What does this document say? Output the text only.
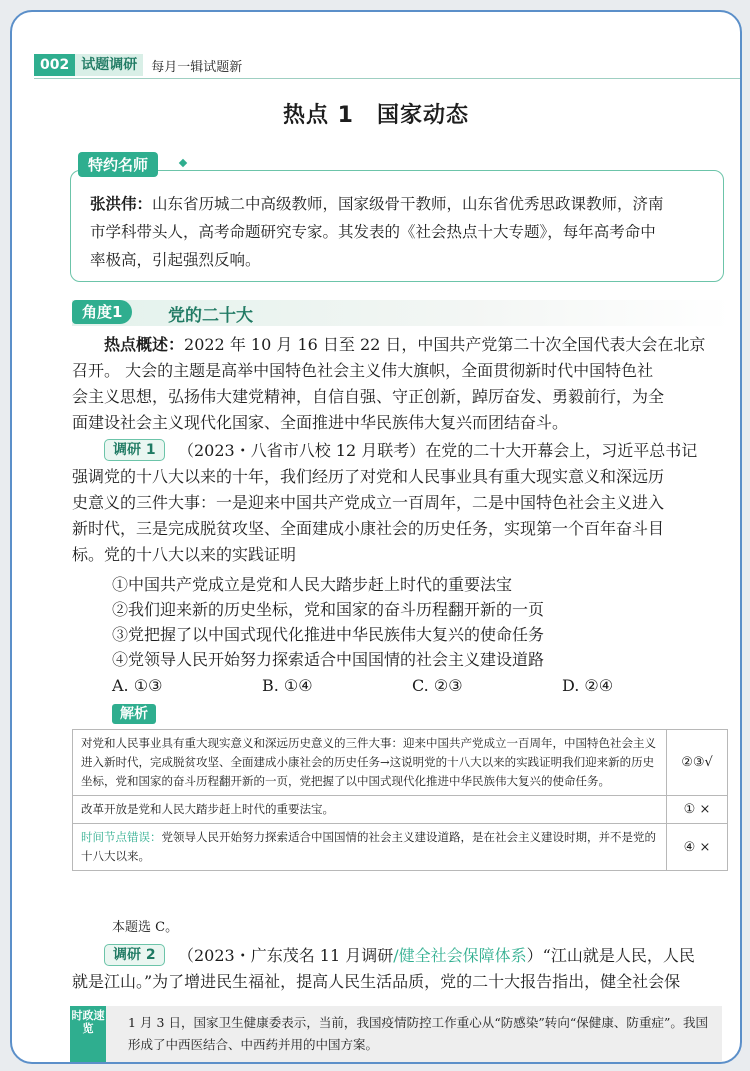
002 试题调研	每月一辑试题新
热点 1　国家动态
特约名师
张洪伟：山东省历城二中高级教师，国家级骨干教师，山东省优秀思政课教师，济南
市学科带头人，高考命题研究专家。其发表的《社会热点十大专题》，每年高考命中
率极高，引起强烈反响。
角度1	党的二十大
热点概述：2022 年 10 月 16 日至 22 日，中国共产党第二十次全国代表大会在北京
召开。 大会的主题是高举中国特色社会主义伟大旗帜，全面贯彻新时代中国特色社
会主义思想，弘扬伟大建党精神，自信自强、守正创新，踔厉奋发、勇毅前行，为全
面建设社会主义现代化国家、全面推进中华民族伟大复兴而团结奋斗。
调研 1	（2023・八省市八校 12 月联考）在党的二十大开幕会上，习近平总书记
强调党的十八大以来的十年，我们经历了对党和人民事业具有重大现实意义和深远历
史意义的三件大事：一是迎来中国共产党成立一百周年，二是中国特色社会主义进入
新时代，三是完成脱贫攻坚、全面建成小康社会的历史任务，实现第一个百年奋斗目
标。党的十八大以来的实践证明
①中国共产党成立是党和人民大踏步赶上时代的重要法宝
②我们迎来新的历史坐标，党和国家的奋斗历程翻开新的一页
③党把握了以中国式现代化推进中华民族伟大复兴的使命任务
④党领导人民开始努力探索适合中国国情的社会主义建设道路
A. ①③	B. ①④	C. ②③	D. ②④
解析
对党和人民事业具有重大现实意义和深远历史意义的三件大事：迎来中国共产党成立一百周年，中国特色社会主义进入新时代，完成脱贫攻坚、全面建成小康社会的历史任务→这说明党的十八大以来的实践证明我们迎来新的历史坐标，党和国家的奋斗历程翻开新的一页，党把握了以中国式现代化推进中华民族伟大复兴的使命任务。	②③√
改革开放是党和人民大踏步赶上时代的重要法宝。	① ×
时间节点错误：党领导人民开始努力探索适合中国国情的社会主义建设道路，是在社会主义建设时期，并不是党的十八大以来。	④ ×
本题选 C。
调研 2	（2023・广东茂名 11 月调研/健全社会保障体系）“江山就是人民，人民
就是江山。”为了增进民生福祉，提高人民生活品质，党的二十大报告指出，健全社会保
时政速览	1 月 3 日，国家卫生健康委表示，当前，我国疫情防控工作重心从“防感染”转向“保健康、防重症”。我国形成了中西医结合、中西药并用的中国方案。
